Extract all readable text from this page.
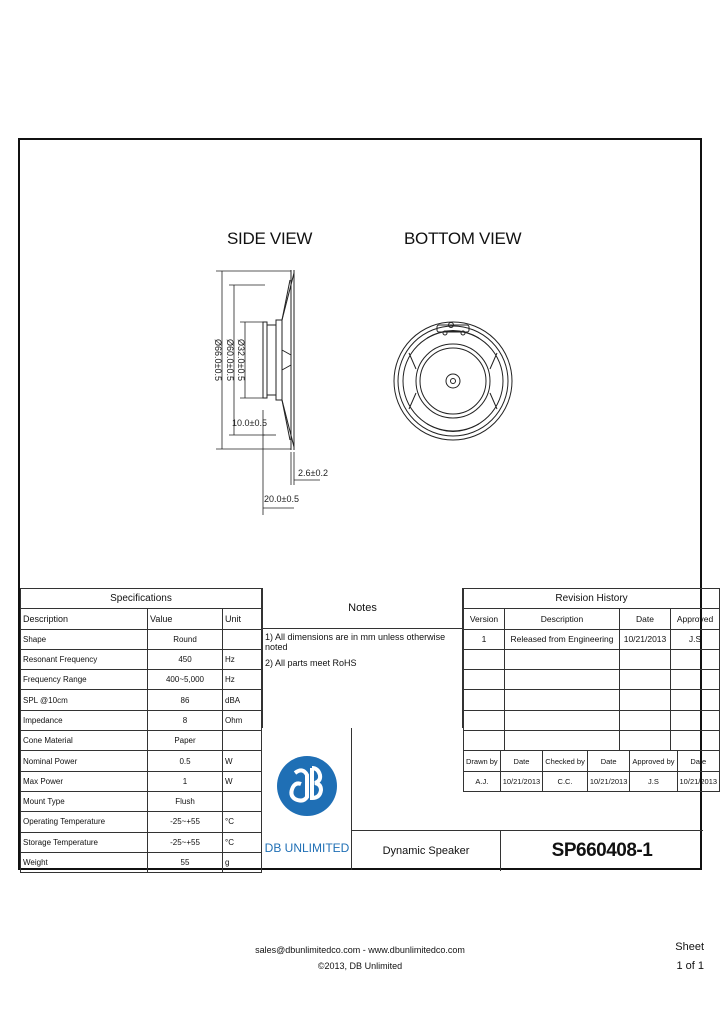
SIDE VIEW	BOTTOM VIEW
Ø66.0±0.5 Ø60.0±0.5 Ø32.0±0.5
10.0±0.5
2.6±0.2
20.0±0.5
Specifications		
Description	Value	Unit
Shape	Round	
Resonant Frequency	450	Hz
Frequency Range	400~5,000	Hz
SPL @10cm	86	dBA
Impedance	8	Ohm
Cone Material	Paper	
Nominal Power	0.5	W
Max Power	1	W
Mount Type	Flush	
Operating Temperature	-25~+55	°C
Storage Temperature	-25~+55	°C
Weight	55	g
Notes
1) All dimensions are in mm unless otherwise noted
2) All parts meet RoHS
Revision History
Version	Description	Date	Approved
1	Released from Engineering	10/21/2013	J.S

Drawn by	Date	Checked by	Date	Approved by	Date
A.J.	10/21/2013	C.C.	10/21/2013	J.S	10/21/2013
DB UNLIMITED	Dynamic Speaker	SP660408-1
sales@dbunlimitedco.com - www.dbunlimitedco.com
©2013, DB Unlimited
Sheet
1 of 1
